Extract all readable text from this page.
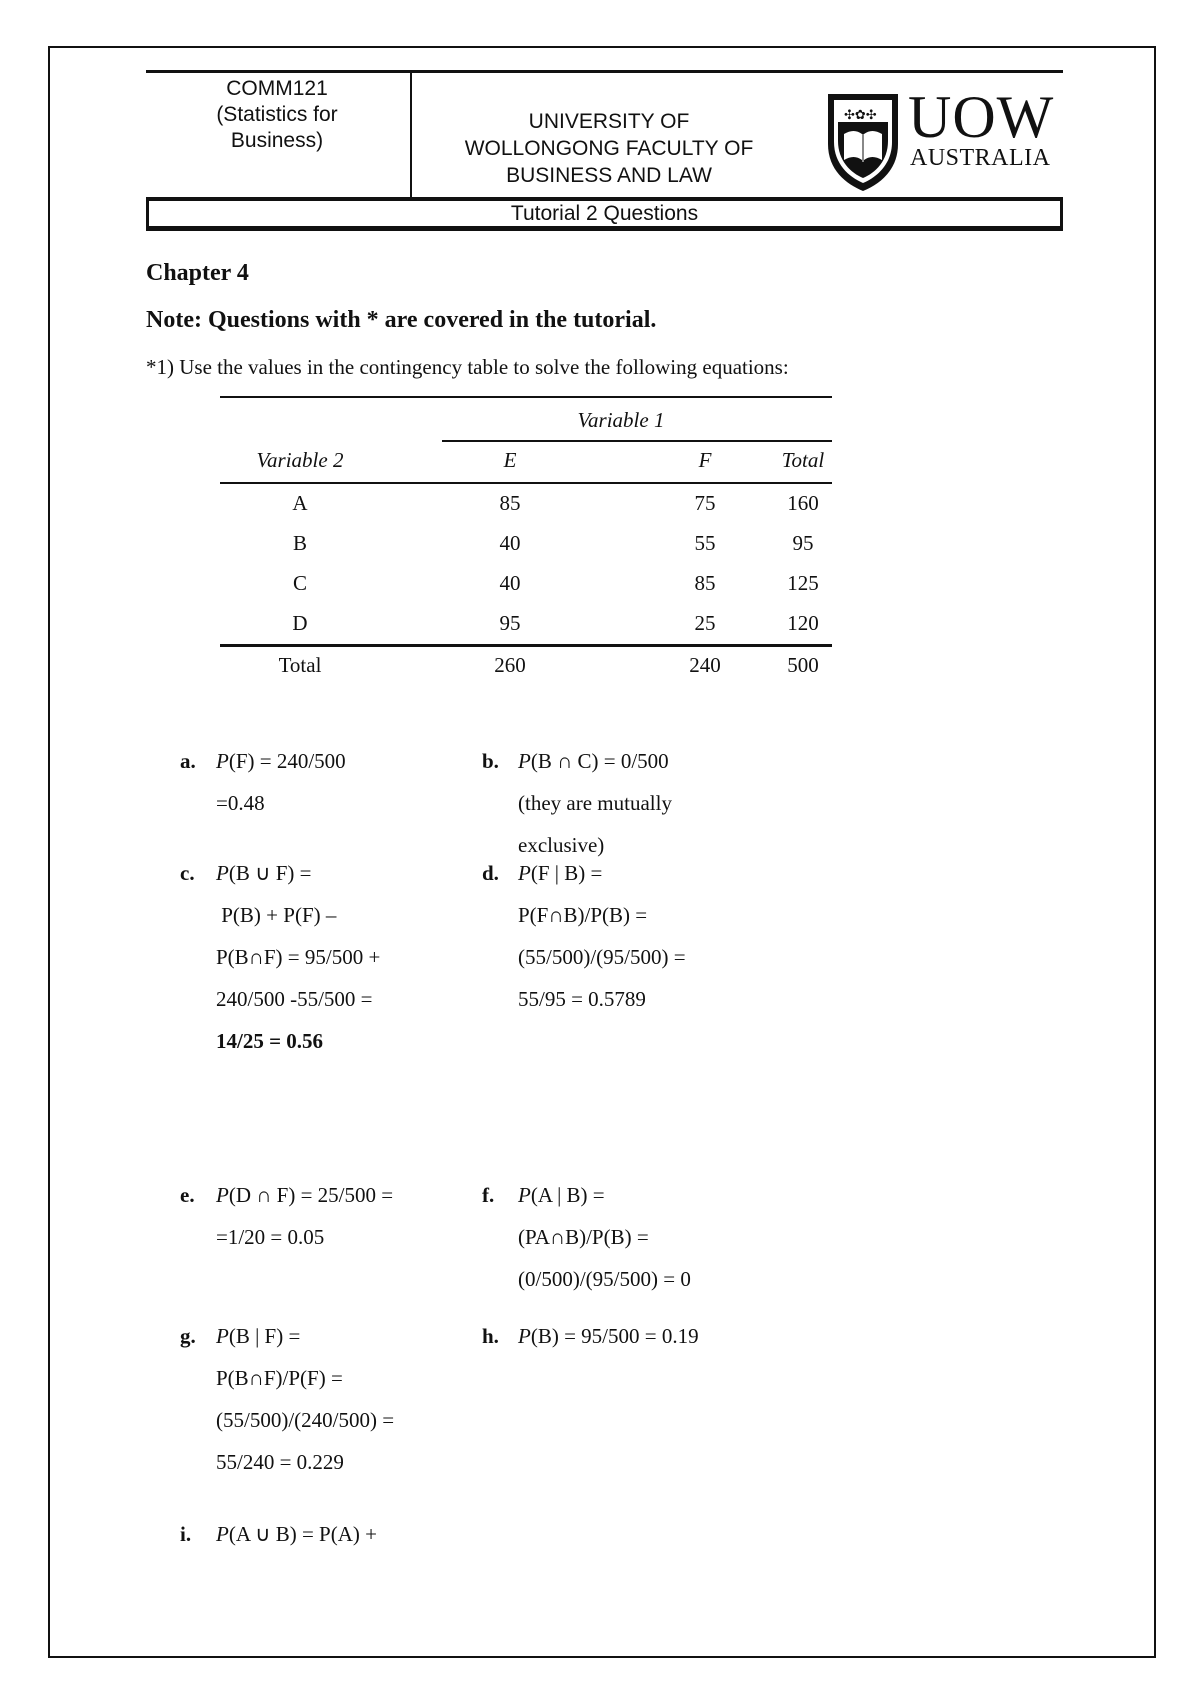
COMM121
(Statistics for
Business)
UNIVERSITY OF
WOLLONGONG FACULTY OF
BUSINESS AND LAW
✣✿✣ UOW
AUSTRALIA
Tutorial 2 Questions
Chapter 4
Note: Questions with * are covered in the tutorial.
*1) Use the values in the contingency table to solve the following equations:
Variable 1
Variable 2	E	F	Total
A	85	75	160
B	40	55	95
C	40	85	125
D	95	25	120
Total	260	240	500
a. P(F) = 240/500
=0.48
b. P(B ∩ C) = 0/500
(they are mutually
exclusive)
c. P(B ∪ F) =
P(B) + P(F) –
P(B∩F) = 95/500 +
240/500 -55/500 =
14/25 = 0.56
d. P(F | B) =
P(F∩B)/P(B) =
(55/500)/(95/500) =
55/95 = 0.5789
e. P(D ∩ F) = 25/500 =
=1/20 = 0.05
f. P(A | B) =
(PA∩B)/P(B) =
(0/500)/(95/500) = 0
g. P(B | F) =
P(B∩F)/P(F) =
(55/500)/(240/500) =
55/240 = 0.229
h. P(B) = 95/500 = 0.19
i. P(A ∪ B) = P(A) +
